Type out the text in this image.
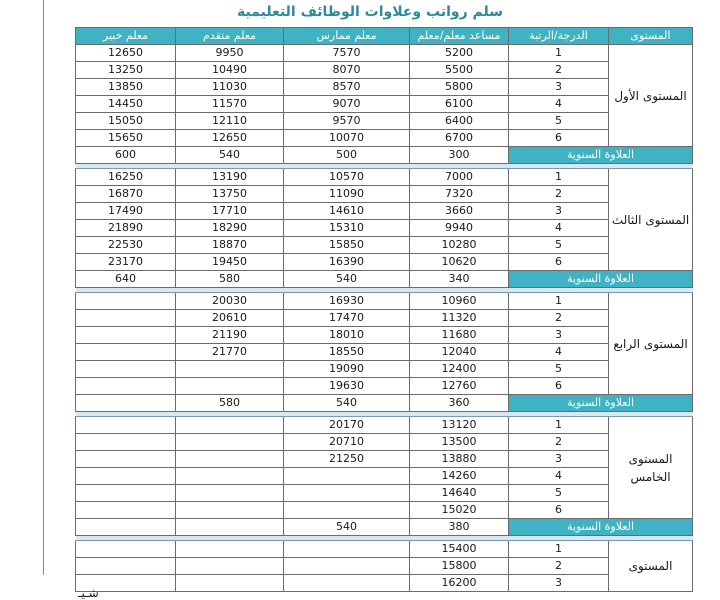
سلم رواتب وعلاوات الوظائف التعليمية
المستوى	الدرجة/الرتبة	مساعد معلم/معلم	معلم ممارس	معلم متقدم	معلم خبير
المستوى الأول	1	5200	7570	9950	12650
	2	5500	8070	10490	13250
	3	5800	8570	11030	13850
	4	6100	9070	11570	14450
	5	6400	9570	12110	15050
	6	6700	10070	12650	15650
العلاوة السنوية		300	500	540	600

المستوى الثالث	1	7000	10570	13190	16250
	2	7320	11090	13750	16870
	3	3660	14610	17710	17490
	4	9940	15310	18290	21890
	5	10280	15850	18870	22530
	6	10620	16390	19450	23170
العلاوة السنوية		340	540	580	640

المستوى الرابع	1	10960	16930	20030	
	2	11320	17470	20610	
	3	11680	18010	21190	
	4	12040	18550	21770	
	5	12400	19090		
	6	12760	19630		
العلاوة السنوية		360	540	580	

المستوى الخامس	1	13120	20170		
	2	13500	20710		
	3	13880	21250		
	4	14260			
	5	14640			
	6	15020			
العلاوة السنوية		380	540		

المستوى	1	15400			
	2	15800			
	3	16200			
شـيـ
